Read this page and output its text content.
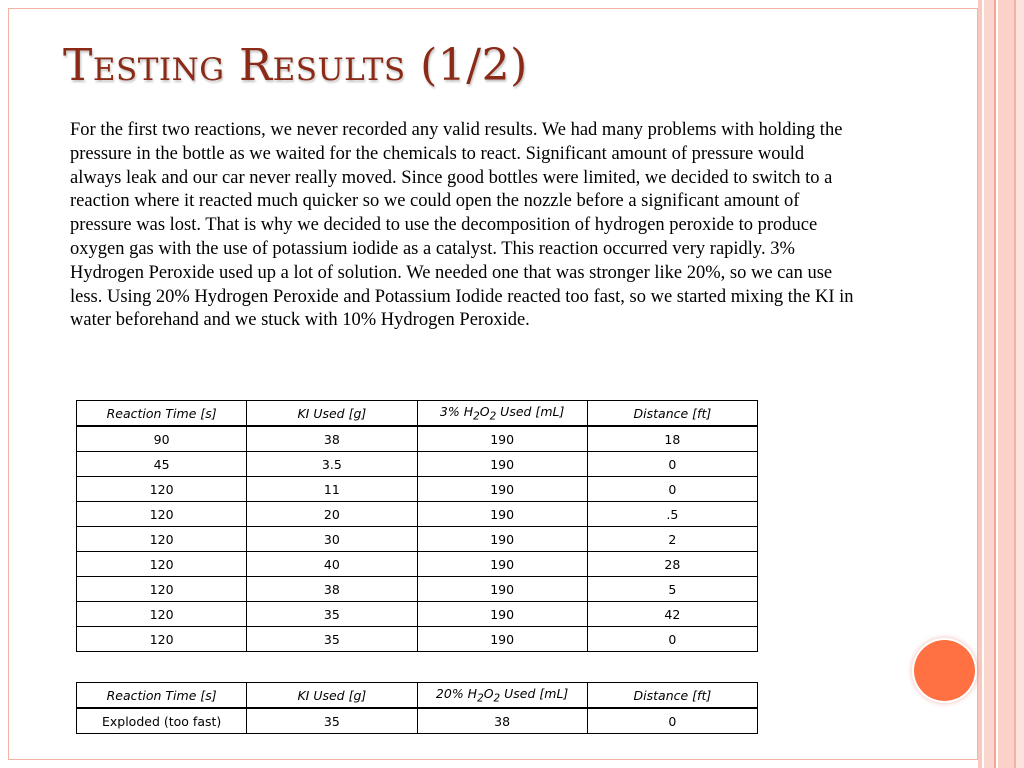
Testing Results (1/2)

For the first two reactions, we never recorded any valid results. We had many problems with holding the pressure in the bottle as we waited for the chemicals to react. Significant amount of pressure would always leak and our car never really moved. Since good bottles were limited, we decided to switch to a reaction where it reacted much quicker so we could open the nozzle before a significant amount of pressure was lost. That is why we decided to use the decomposition of hydrogen peroxide to produce oxygen gas with the use of potassium iodide as a catalyst. This reaction occurred very rapidly. 3% Hydrogen Peroxide used up a lot of solution. We needed one that was stronger like 20%, so we can use less. Using 20% Hydrogen Peroxide and Potassium Iodide reacted too fast, so we started mixing the KI in water beforehand and we stuck with 10% Hydrogen Peroxide.

Reaction Time [s]	KI Used [g]	3% $H_2O_2$ Used [mL]	Distance [ft]
90	38	190	18
45	3.5	190	0
120	11	190	0
120	20	190	.5
120	30	190	2
120	40	190	28
120	38	190	5
120	35	190	42
120	35	190	0
Reaction Time [s]	KI Used [g]	20% $H_2O_2$ Used [mL]	Distance [ft]
Exploded (too fast)	35	38	0
